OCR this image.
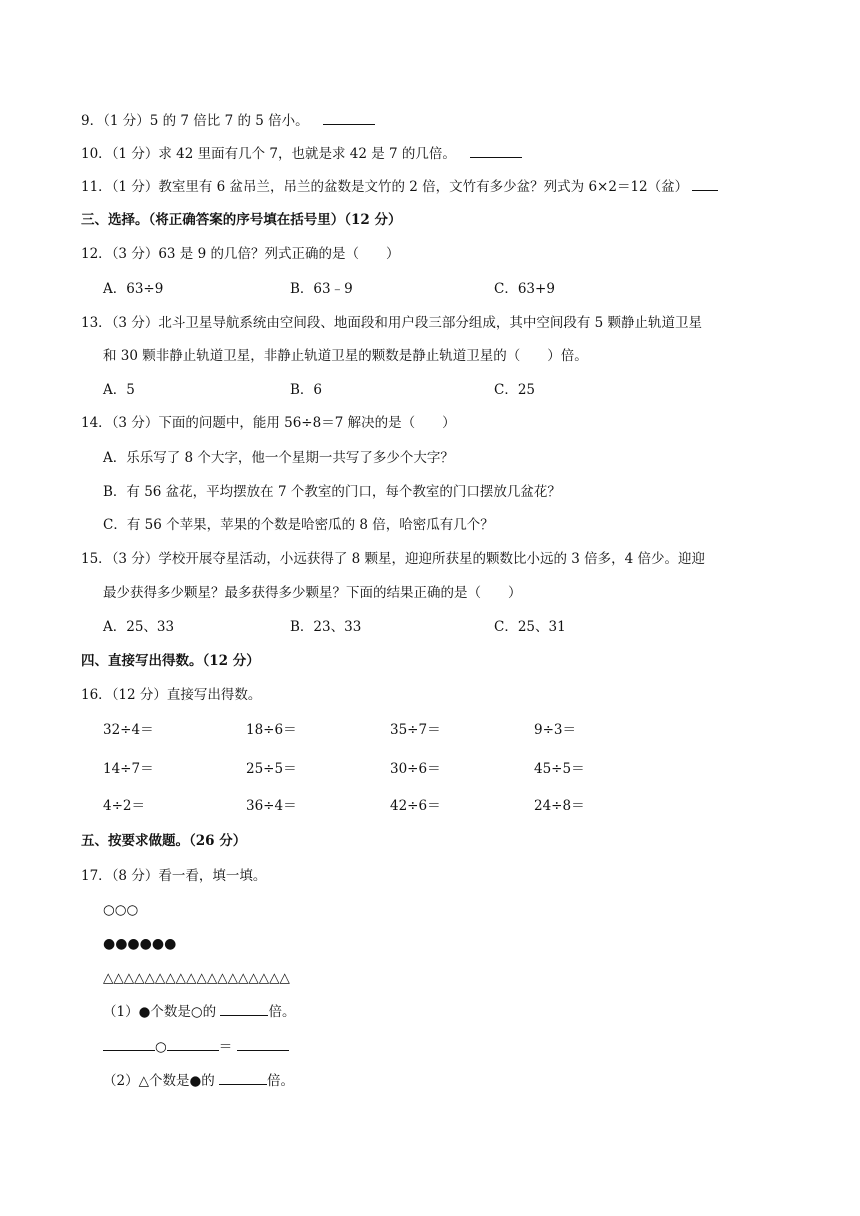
9．（1 分）5 的 7 倍比 7 的 5 倍小。
10．（1 分）求 42 里面有几个 7，也就是求 42 是 7 的几倍。
11．（1 分）教室里有 6 盆吊兰，吊兰的盆数是文竹的 2 倍，文竹有多少盆？列式为 6×2＝12（盆）
三、选择。（将正确答案的序号填在括号里）（12 分）
12．（3 分）63 是 9 的几倍？列式正确的是（　　）
A．63÷9	B．63﹣9	C．63+9
13．（3 分）北斗卫星导航系统由空间段、地面段和用户段三部分组成，其中空间段有 5 颗静止轨道卫星
和 30 颗非静止轨道卫星，非静止轨道卫星的颗数是静止轨道卫星的（　　）倍。
A．5	B．6	C．25
14．（3 分）下面的问题中，能用 56÷8＝7 解决的是（　　）
A．乐乐写了 8 个大字，他一个星期一共写了多少个大字？
B．有 56 盆花，平均摆放在 7 个教室的门口，每个教室的门口摆放几盆花？
C．有 56 个苹果，苹果的个数是哈密瓜的 8 倍，哈密瓜有几个？
15．（3 分）学校开展夺星活动，小远获得了 8 颗星，迎迎所获星的颗数比小远的 3 倍多，4 倍少。迎迎
最少获得多少颗星？最多获得多少颗星？下面的结果正确的是（　　）
A．25、33	B．23、33	C．25、31
四、直接写出得数。（12 分）
16．（12 分）直接写出得数。
32÷4＝	18÷6＝	35÷7＝	9÷3＝
14÷7＝	25÷5＝	30÷6＝	45÷5＝
4÷2＝	36÷4＝	42÷6＝	24÷8＝
五、按要求做题。（26 分）
17．（8 分）看一看，填一填。
○○○
●●●●●●
△△△△△△△△△△△△△△△△△△
（1）●个数是○的	倍。
○	＝
（2）△个数是●的	倍。
